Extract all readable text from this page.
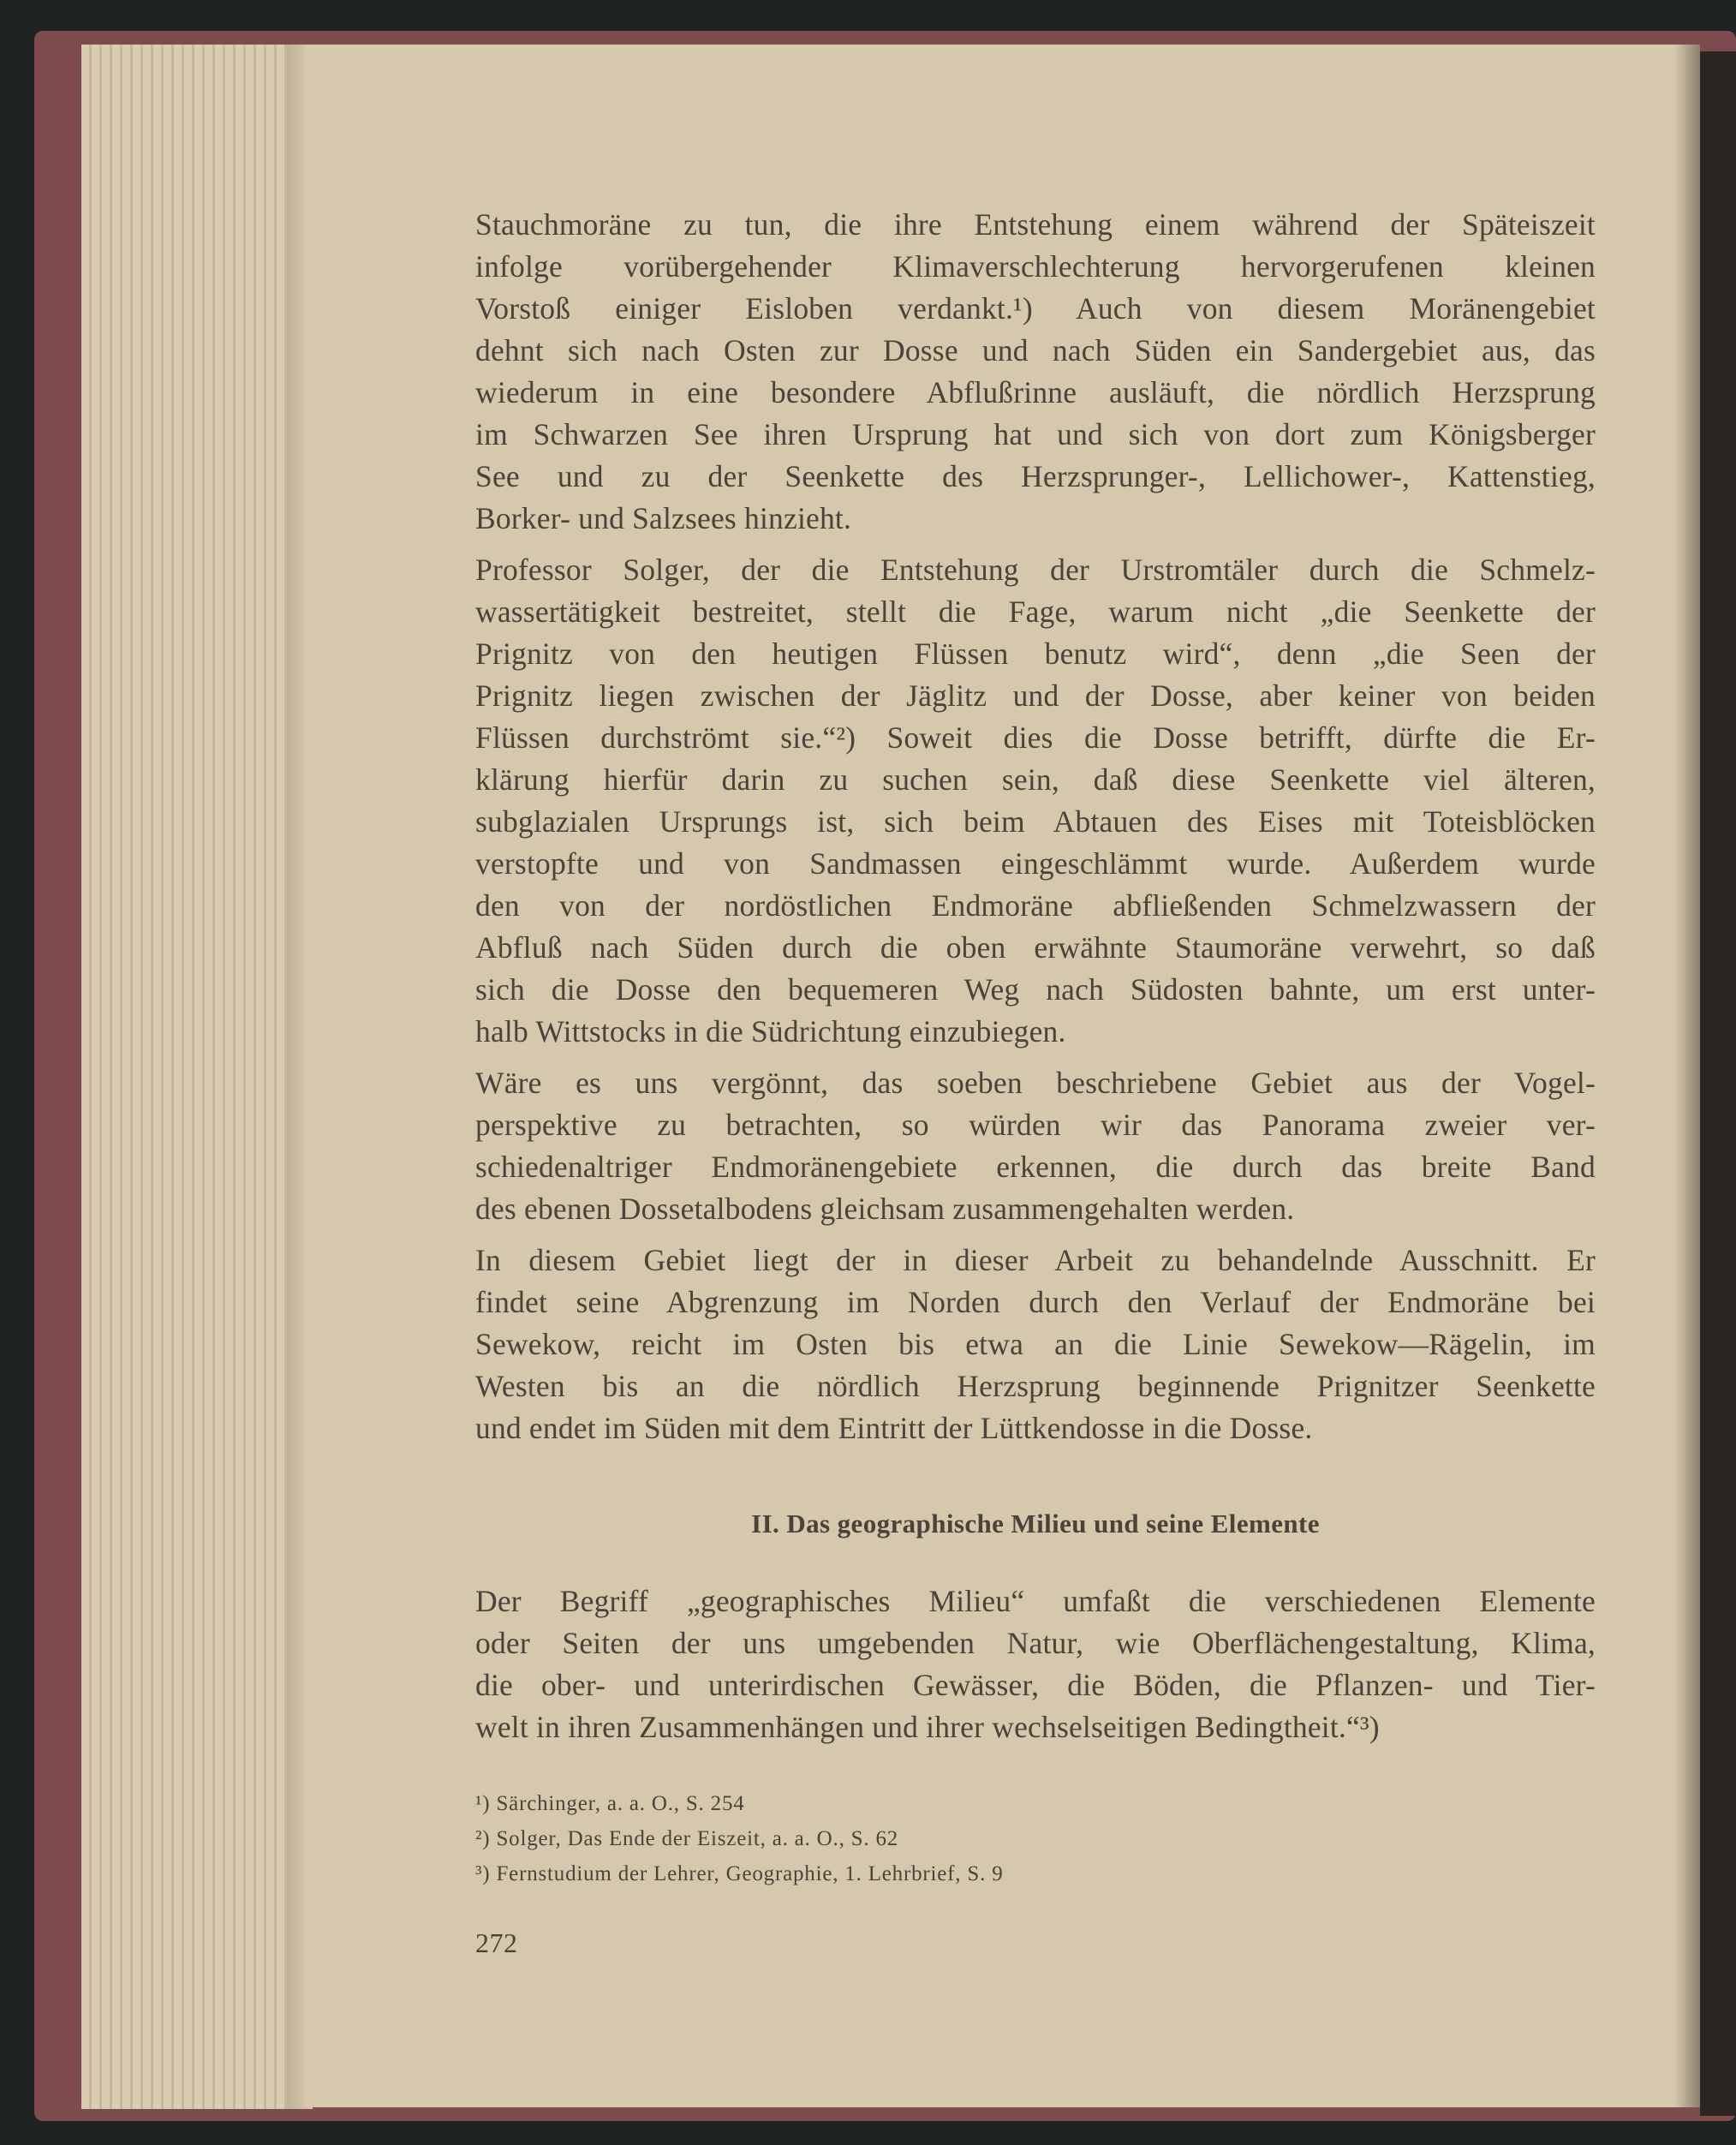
Stauchmoräne zu tun, die ihre Entstehung einem während der Späteiszeit
infolge vorübergehender Klimaverschlechterung hervorgerufenen kleinen
Vorstoß einiger Eisloben verdankt.¹) Auch von diesem Moränengebiet
dehnt sich nach Osten zur Dosse und nach Süden ein Sandergebiet aus, das
wiederum in eine besondere Abflußrinne ausläuft, die nördlich Herzsprung
im Schwarzen See ihren Ursprung hat und sich von dort zum Königsberger
See und zu der Seenkette des Herzsprunger-, Lellichower-, Kattenstieg,
Borker- und Salzsees hinzieht.

Professor Solger, der die Entstehung der Urstromtäler durch die Schmelz-
wassertätigkeit bestreitet, stellt die Fage, warum nicht „die Seenkette der
Prignitz von den heutigen Flüssen benutz wird“, denn „die Seen der
Prignitz liegen zwischen der Jäglitz und der Dosse, aber keiner von beiden
Flüssen durchströmt sie.“²) Soweit dies die Dosse betrifft, dürfte die Er-
klärung hierfür darin zu suchen sein, daß diese Seenkette viel älteren,
subglazialen Ursprungs ist, sich beim Abtauen des Eises mit Toteisblöcken
verstopfte und von Sandmassen eingeschlämmt wurde. Außerdem wurde
den von der nordöstlichen Endmoräne abfließenden Schmelzwassern der
Abfluß nach Süden durch die oben erwähnte Staumoräne verwehrt, so daß
sich die Dosse den bequemeren Weg nach Südosten bahnte, um erst unter-
halb Wittstocks in die Südrichtung einzubiegen.

Wäre es uns vergönnt, das soeben beschriebene Gebiet aus der Vogel-
perspektive zu betrachten, so würden wir das Panorama zweier ver-
schiedenaltriger Endmoränengebiete erkennen, die durch das breite Band
des ebenen Dossetalbodens gleichsam zusammengehalten werden.

In diesem Gebiet liegt der in dieser Arbeit zu behandelnde Ausschnitt. Er
findet seine Abgrenzung im Norden durch den Verlauf der Endmoräne bei
Sewekow, reicht im Osten bis etwa an die Linie Sewekow—Rägelin, im
Westen bis an die nördlich Herzsprung beginnende Prignitzer Seenkette
und endet im Süden mit dem Eintritt der Lüttkendosse in die Dosse.

II. Das geographische Milieu und seine Elemente

Der Begriff „geographisches Milieu“ umfaßt die verschiedenen Elemente
oder Seiten der uns umgebenden Natur, wie Oberflächengestaltung, Klima,
die ober- und unterirdischen Gewässer, die Böden, die Pflanzen- und Tier-
welt in ihren Zusammenhängen und ihrer wechselseitigen Bedingtheit.“³)

¹) Särchinger, a. a. O., S. 254
²) Solger, Das Ende der Eiszeit, a. a. O., S. 62
³) Fernstudium der Lehrer, Geographie, 1. Lehrbrief, S. 9
272
